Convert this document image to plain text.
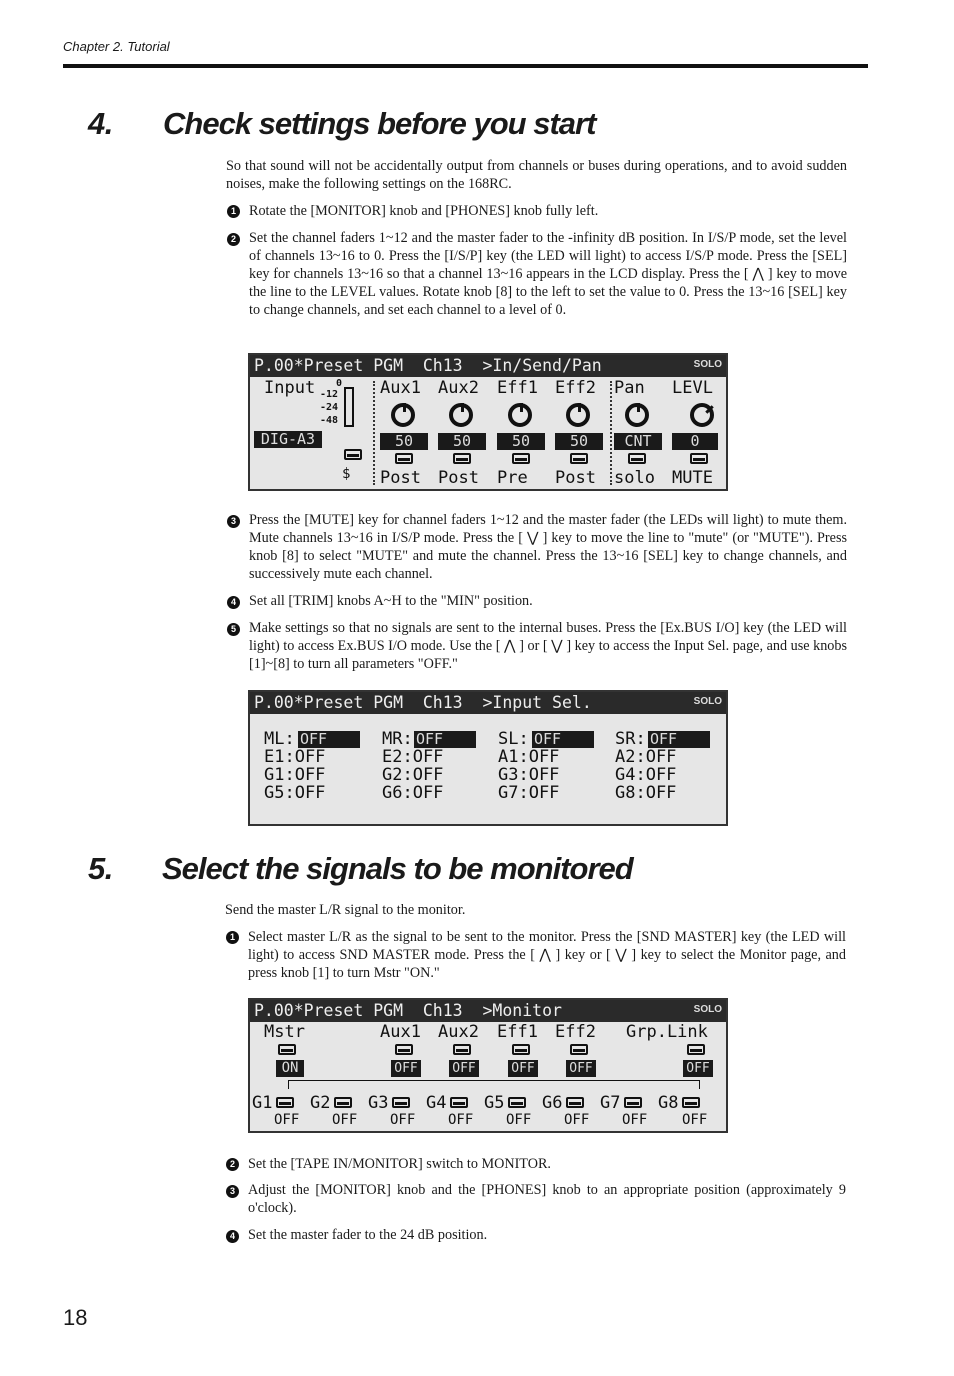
Chapter 2. Tutorial
4. Check settings before you start
So that sound will not be accidentally output from channels or buses during operations, and to avoid sudden noises, make the following settings on the 168RC.
1 Rotate the [MONITOR] knob and [PHONES] knob fully left.
2 Set the channel faders 1~12 and the master fader to the -infinity dB position. In I/S/P mode, set the level of channels 13~16 to 0. Press the [I/S/P] key (the LED will light) to access I/S/P mode. Press the [SEL] key for channels 13~16 so that a channel 13~16 appears in the LCD display. Press the [ ⋀ ] key to move the line to the LEVEL values. Rotate knob [8] to the left to set the value to 0. Press the 13~16 [SEL] key to change channels, and set each channel to a level of 0.
P.00*Preset PGM  Ch13  >In/Send/Pan	SOLO
Input 0
-12
-24
-48
DIG-A3
$
Aux1 Aux2 Eff1 Eff2 Pan LEVL
50	50	50	50	CNT	0
Post Post Pre Post solo MUTE
3 Press the [MUTE] key for channel faders 1~12 and the master fader (the LEDs will light) to mute them. Mute channels 13~16 in I/S/P mode. Press the [ ⋁ ] key to move the line to "mute" (or "MUTE"). Press knob [8] to select "MUTE" and mute the channel. Press the 13~16 [SEL] key to change channels, and successively mute each channel.
4 Set all [TRIM] knobs A~H to the "MIN" position.
5 Make settings so that no signals are sent to the internal buses. Press the [Ex.BUS I/O] key (the LED will light) to access Ex.BUS I/O mode. Use the [ ⋀ ] or [ ⋁ ] key to access the Input Sel. page, and use knobs [1]~[8] to turn all parameters "OFF."
P.00*Preset PGM  Ch13  >Input Sel.	SOLO
ML: OFF	MR: OFF	SL: OFF	SR: OFF
E1:OFF	E2:OFF	A1:OFF	A2:OFF
G1:OFF	G2:OFF	G3:OFF	G4:OFF
G5:OFF	G6:OFF	G7:OFF	G8:OFF
5. Select the signals to be monitored
Send the master L/R signal to the monitor.
1 Select master L/R as the signal to be sent to the monitor. Press the [SND MASTER] key (the LED will light) to access SND MASTER mode. Press the [ ⋀ ] key or [ ⋁ ] key to select the Monitor page, and press knob [1] to turn Mstr "ON."
P.00*Preset PGM  Ch13  >Monitor	SOLO
Mstr	Aux1 Aux2 Eff1 Eff2 Grp.Link
ON	OFF	OFF	OFF	OFF	OFF
G1 G2 G3 G4 G5 G6 G7 G8
OFF OFF OFF OFF OFF OFF OFF OFF
2 Set the [TAPE IN/MONITOR] switch to MONITOR.
3 Adjust the [MONITOR] knob and the [PHONES] knob to an appropriate position (approximately 9 o'clock).
4 Set the master fader to the 24 dB position.
18
